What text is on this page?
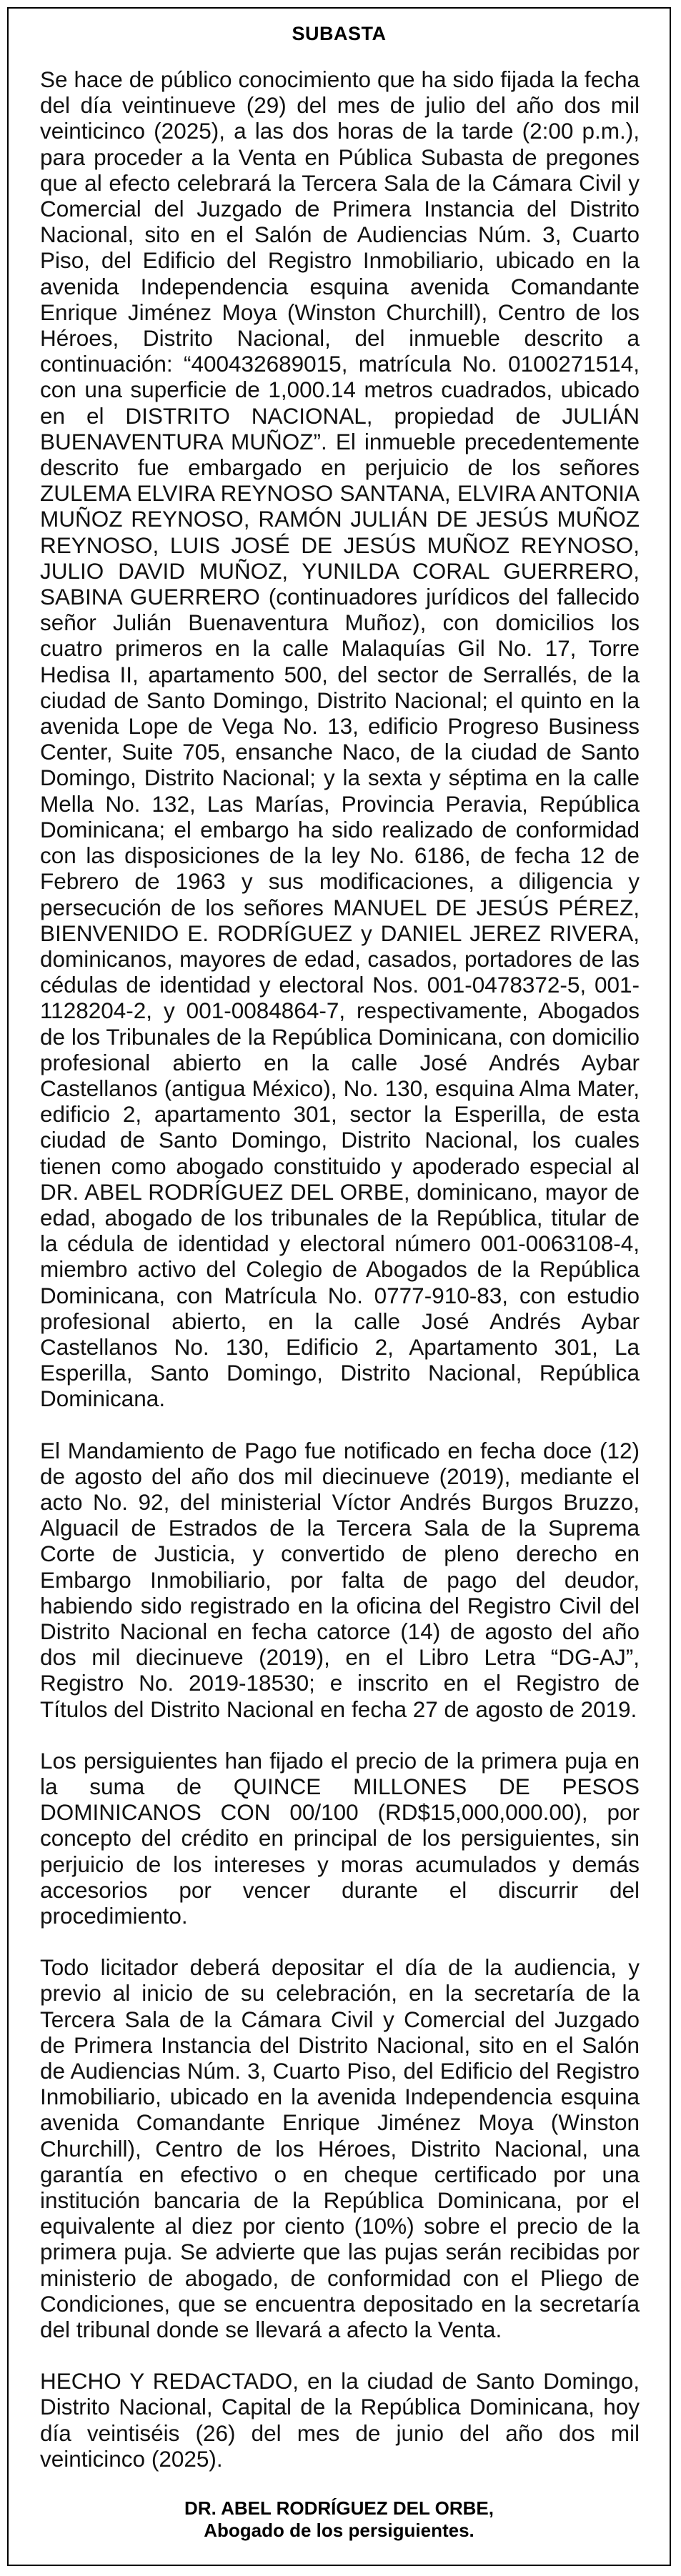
SUBASTA

Se hace de público conocimiento que ha sido fijada la fecha del día veintinueve (29) del mes de julio del año dos mil veinticinco (2025), a las dos horas de la tarde (2:00 p.m.), para proceder a la Venta en Pública Subasta de pregones que al efecto celebrará la Tercera Sala de la Cámara Civil y Comercial del Juzgado de Primera Instancia del Distrito Nacional, sito en el Salón de Audiencias Núm. 3, Cuarto Piso, del Edificio del Registro Inmobiliario, ubicado en la avenida Independencia esquina avenida Comandante Enrique Jiménez Moya (Winston Churchill), Centro de los Héroes, Distrito Nacional, del inmueble descrito a continuación: “400432689015, matrícula No. 0100271514, con una superficie de 1,000.14 metros cuadrados, ubicado en el DISTRITO NACIONAL, propiedad de JULIÁN BUENAVENTURA MUÑOZ”. El inmueble precedentemente descrito fue embargado en perjuicio de los señores ZULEMA ELVIRA REYNOSO SANTANA, ELVIRA ANTONIA MUÑOZ REYNOSO, RAMÓN JULIÁN DE JESÚS MUÑOZ REYNOSO, LUIS JOSÉ DE JESÚS MUÑOZ REYNOSO, JULIO DAVID MUÑOZ, YUNILDA CORAL GUERRERO, SABINA GUERRERO (continuadores jurídicos del fallecido señor Julián Buenaventura Muñoz), con domicilios los cuatro primeros en la calle Malaquías Gil No. 17, Torre Hedisa II, apartamento 500, del sector de Serrallés, de la ciudad de Santo Domingo, Distrito Nacional; el quinto en la avenida Lope de Vega No. 13, edificio Progreso Business Center, Suite 705, ensanche Naco, de la ciudad de Santo Domingo, Distrito Nacional; y la sexta y séptima en la calle Mella No. 132, Las Marías, Provincia Peravia, República Dominicana; el embargo ha sido realizado de conformidad con las disposiciones de la ley No. 6186, de fecha 12 de Febrero de 1963 y sus modificaciones, a diligencia y persecución de los señores MANUEL DE JESÚS PÉREZ, BIENVENIDO E. RODRÍGUEZ y DANIEL JEREZ RIVERA, dominicanos, mayores de edad, casados, portadores de las cédulas de identidad y electoral Nos. 001-0478372-5, 001-1128204-2, y 001-0084864-7, respectivamente, Abogados de los Tribunales de la República Dominicana, con domicilio profesional abierto en la calle José Andrés Aybar Castellanos (antigua México), No. 130, esquina Alma Mater, edificio 2, apartamento 301, sector la Esperilla, de esta ciudad de Santo Domingo, Distrito Nacional, los cuales tienen como abogado constituido y apoderado especial al DR. ABEL RODRÍGUEZ DEL ORBE, dominicano, mayor de edad, abogado de los tribunales de la República, titular de la cédula de identidad y electoral número 001-0063108-4, miembro activo del Colegio de Abogados de la República Dominicana, con Matrícula No. 0777-910-83, con estudio profesional abierto, en la calle José Andrés Aybar Castellanos No. 130, Edificio 2, Apartamento 301, La Esperilla, Santo Domingo, Distrito Nacional, República Dominicana.

El Mandamiento de Pago fue notificado en fecha doce (12) de agosto del año dos mil diecinueve (2019), mediante el acto No. 92, del ministerial Víctor Andrés Burgos Bruzzo, Alguacil de Estrados de la Tercera Sala de la Suprema Corte de Justicia, y convertido de pleno derecho en Embargo Inmobiliario, por falta de pago del deudor, habiendo sido registrado en la oficina del Registro Civil del Distrito Nacional en fecha catorce (14) de agosto del año dos mil diecinueve (2019), en el Libro Letra “DG-AJ”, Registro No. 2019-18530; e inscrito en el Registro de Títulos del Distrito Nacional en fecha 27 de agosto de 2019.

Los persiguientes han fijado el precio de la primera puja en la suma de QUINCE MILLONES DE PESOS DOMINICANOS CON 00/100 (RD$15,000,000.00), por concepto del crédito en principal de los persiguientes, sin perjuicio de los intereses y moras acumulados y demás accesorios por vencer durante el discurrir del procedimiento.

Todo licitador deberá depositar el día de la audiencia, y previo al inicio de su celebración, en la secretaría de la Tercera Sala de la Cámara Civil y Comercial del Juzgado de Primera Instancia del Distrito Nacional, sito en el Salón de Audiencias Núm. 3, Cuarto Piso, del Edificio del Registro Inmobiliario, ubicado en la avenida Independencia esquina avenida Comandante Enrique Jiménez Moya (Winston Churchill), Centro de los Héroes, Distrito Nacional, una garantía en efectivo o en cheque certificado por una institución bancaria de la República Dominicana, por el equivalente al diez por ciento (10%) sobre el precio de la primera puja. Se advierte que las pujas serán recibidas por ministerio de abogado, de conformidad con el Pliego de Condiciones, que se encuentra depositado en la secretaría del tribunal donde se llevará a afecto la Venta.

HECHO Y REDACTADO, en la ciudad de Santo Domingo, Distrito Nacional, Capital de la República Dominicana, hoy día veintiséis (26) del mes de junio del año dos mil veinticinco (2025).

DR. ABEL RODRÍGUEZ DEL ORBE,
Abogado de los persiguientes.
